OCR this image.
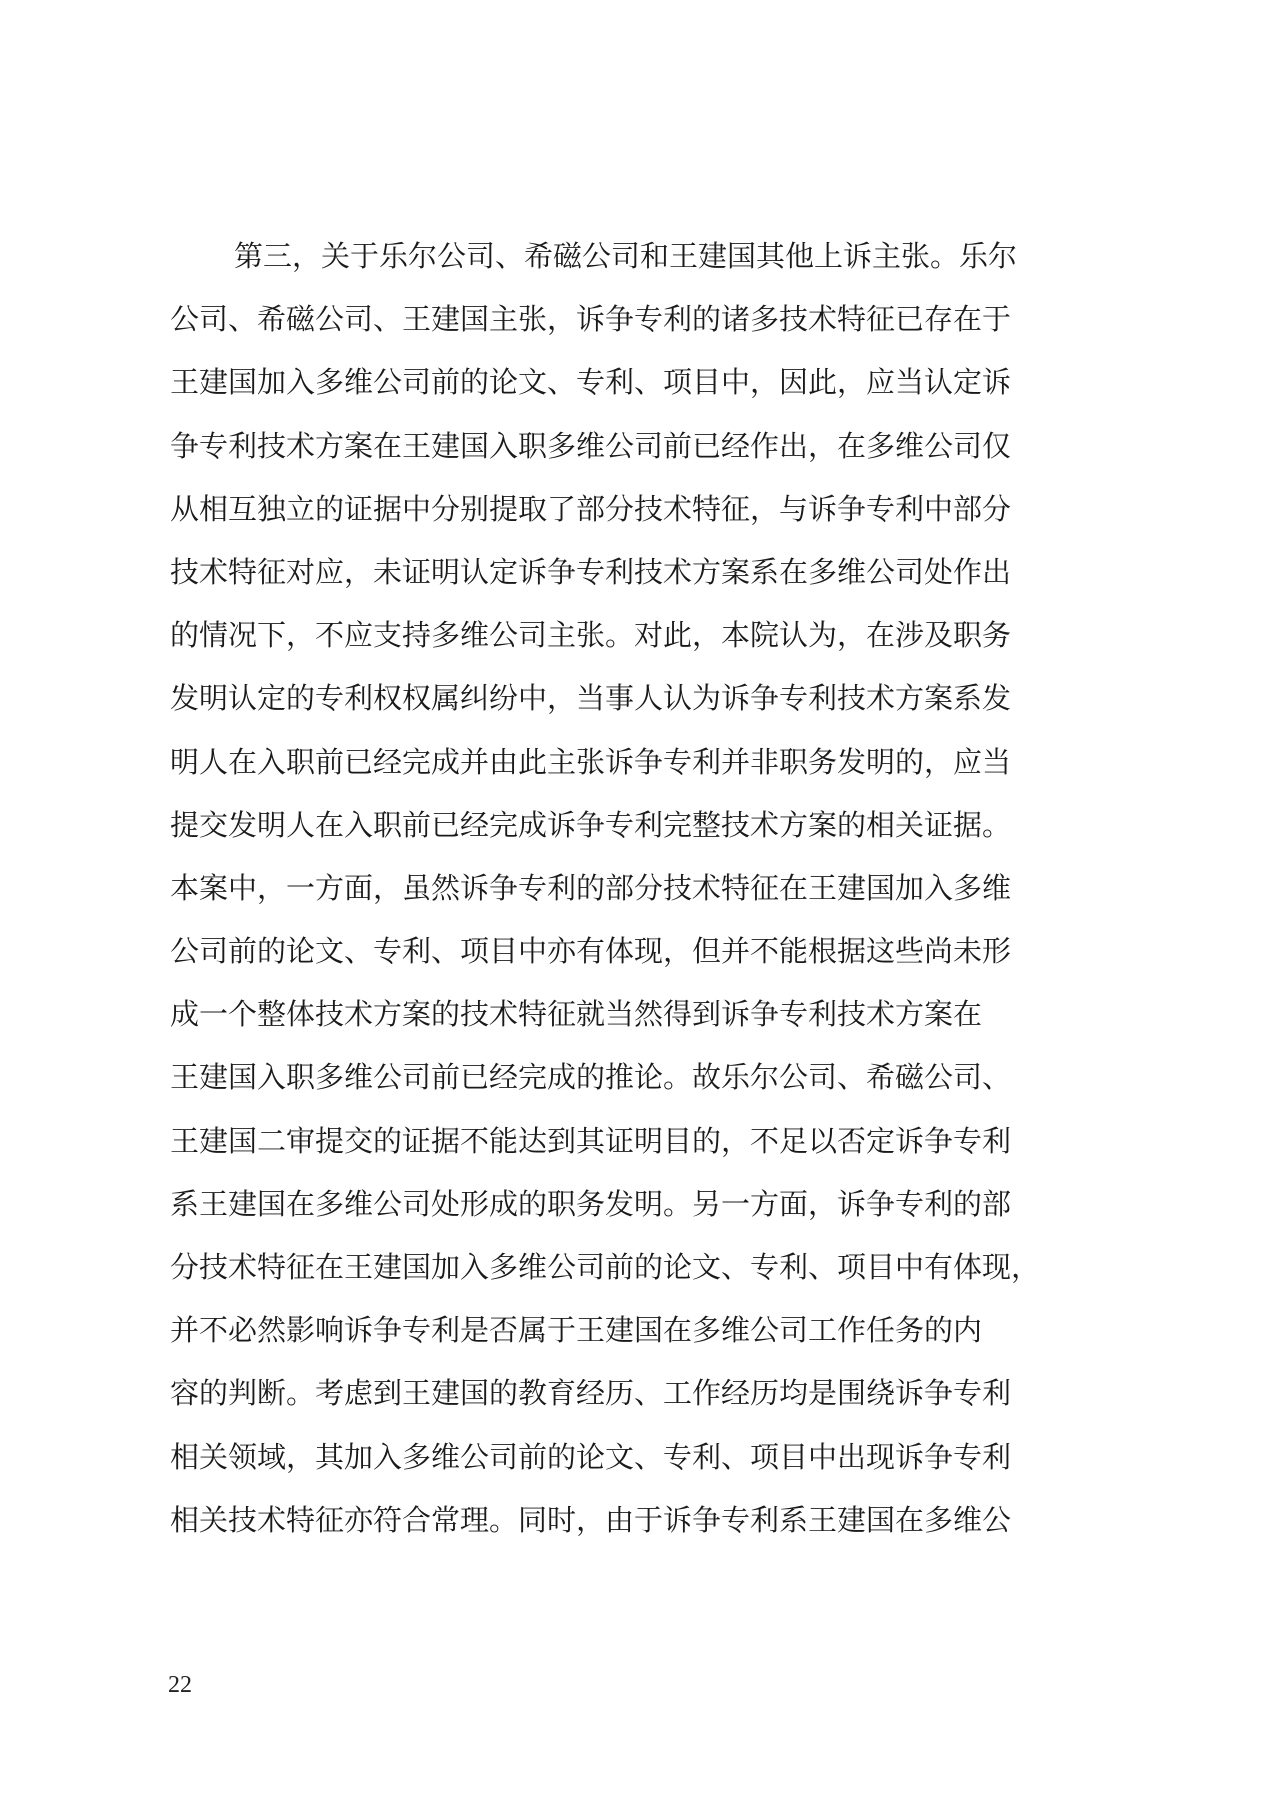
第三，关于乐尔公司、希磁公司和王建国其他上诉主张。乐尔
公司、希磁公司、王建国主张，诉争专利的诸多技术特征已存在于
王建国加入多维公司前的论文、专利、项目中，因此，应当认定诉
争专利技术方案在王建国入职多维公司前已经作出，在多维公司仅
从相互独立的证据中分别提取了部分技术特征，与诉争专利中部分
技术特征对应，未证明认定诉争专利技术方案系在多维公司处作出
的情况下，不应支持多维公司主张。对此，本院认为，在涉及职务
发明认定的专利权权属纠纷中，当事人认为诉争专利技术方案系发
明人在入职前已经完成并由此主张诉争专利并非职务发明的，应当
提交发明人在入职前已经完成诉争专利完整技术方案的相关证据。
本案中，一方面，虽然诉争专利的部分技术特征在王建国加入多维
公司前的论文、专利、项目中亦有体现，但并不能根据这些尚未形
成一个整体技术方案的技术特征就当然得到诉争专利技术方案在
王建国入职多维公司前已经完成的推论。故乐尔公司、希磁公司、
王建国二审提交的证据不能达到其证明目的，不足以否定诉争专利
系王建国在多维公司处形成的职务发明。另一方面，诉争专利的部
分技术特征在王建国加入多维公司前的论文、专利、项目中有体现，
并不必然影响诉争专利是否属于王建国在多维公司工作任务的内
容的判断。考虑到王建国的教育经历、工作经历均是围绕诉争专利
相关领域，其加入多维公司前的论文、专利、项目中出现诉争专利
相关技术特征亦符合常理。同时，由于诉争专利系王建国在多维公
22
